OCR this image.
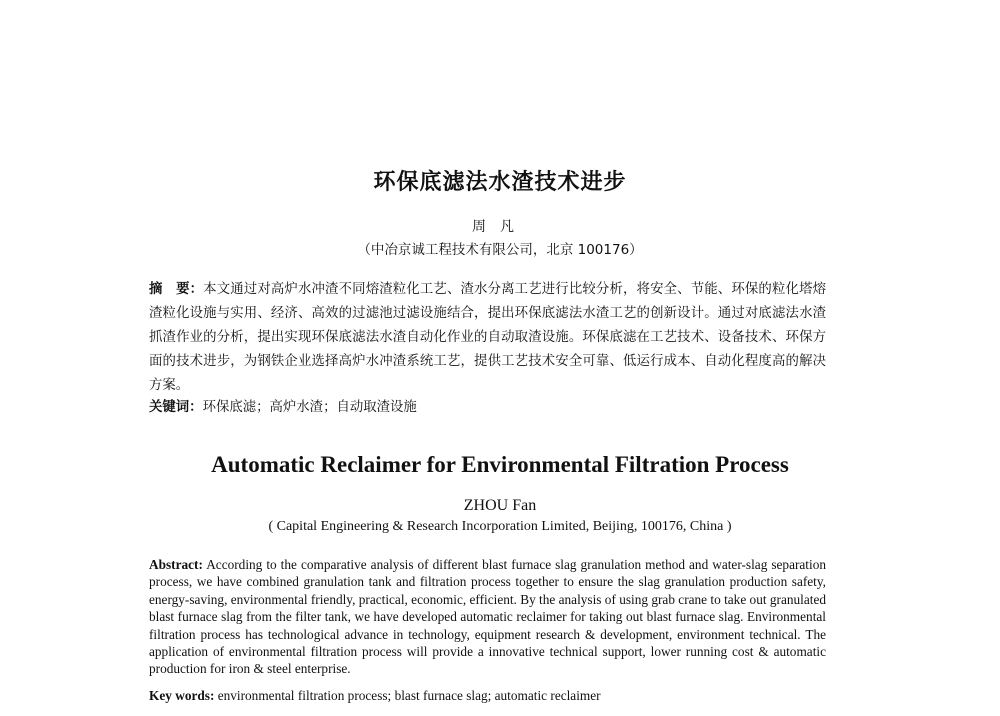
环保底滤法水渣技术进步
周凡
（中冶京诚工程技术有限公司，北京 100176）
摘　要：本文通过对高炉水冲渣不同熔渣粒化工艺、渣水分离工艺进行比较分析，将安全、节能、环保的粒化塔熔渣粒化设施与实用、经济、高效的过滤池过滤设施结合，提出环保底滤法水渣工艺的创新设计。通过对底滤法水渣抓渣作业的分析，提出实现环保底滤法水渣自动化作业的自动取渣设施。环保底滤在工艺技术、设备技术、环保方面的技术进步，为钢铁企业选择高炉水冲渣系统工艺，提供工艺技术安全可靠、低运行成本、自动化程度高的解决方案。
关键词：环保底滤；高炉水渣；自动取渣设施
Automatic Reclaimer for Environmental Filtration Process
ZHOU Fan
( Capital Engineering & Research Incorporation Limited, Beijing, 100176, China )
Abstract: According to the comparative analysis of different blast furnace slag granulation method and water-slag separation process, we have combined granulation tank and filtration process together to ensure the slag granulation production safety, energy-saving, environmental friendly, practical, economic, efficient. By the analysis of using grab crane to take out granulated blast furnace slag from the filter tank, we have developed automatic reclaimer for taking out blast furnace slag. Environmental filtration process has technological advance in technology, equipment research & development, environment technical. The application of environmental filtration process will provide a innovative technical support, lower running cost & automatic production for iron & steel enterprise.
Key words: environmental filtration process; blast furnace slag; automatic reclaimer
